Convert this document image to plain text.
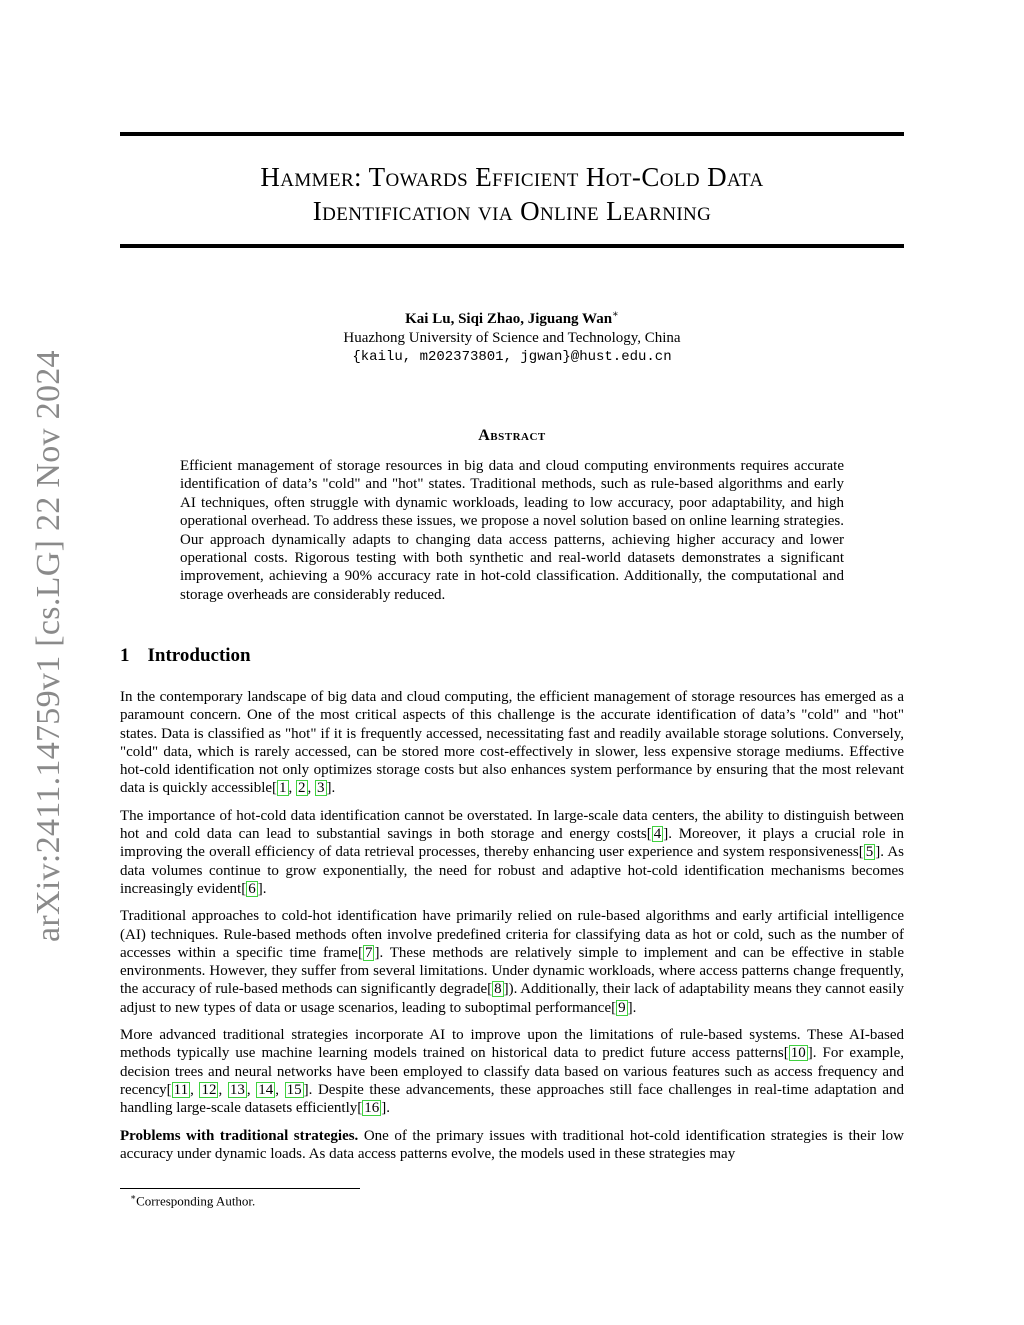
arXiv:2411.14759v1 [cs.LG] 22 Nov 2024
Hammer: Towards Efficient Hot-Cold Data
Identification via Online Learning
Kai Lu, Siqi Zhao, Jiguang Wan∗
Huazhong University of Science and Technology, China
{kailu, m202373801, jgwan}@hust.edu.cn
Abstract
Efficient management of storage resources in big data and cloud computing environments requires accurate identification of data’s "cold" and "hot" states. Traditional methods, such as rule-based algorithms and early AI techniques, often struggle with dynamic workloads, leading to low accuracy, poor adaptability, and high operational overhead. To address these issues, we propose a novel solution based on online learning strategies. Our approach dynamically adapts to changing data access patterns, achieving higher accuracy and lower operational costs. Rigorous testing with both synthetic and real-world datasets demonstrates a significant improvement, achieving a 90% accuracy rate in hot-cold classification. Additionally, the computational and storage overheads are considerably reduced.
1 Introduction

In the contemporary landscape of big data and cloud computing, the efficient management of storage resources has emerged as a paramount concern. One of the most critical aspects of this challenge is the accurate identification of data’s "cold" and "hot" states. Data is classified as "hot" if it is frequently accessed, necessitating fast and readily available storage solutions. Conversely, "cold" data, which is rarely accessed, can be stored more cost-effectively in slower, less expensive storage mediums. Effective hot-cold identification not only optimizes storage costs but also enhances system performance by ensuring that the most relevant data is quickly accessible[ 1 , 2 , 3 ].

The importance of hot-cold data identification cannot be overstated. In large-scale data centers, the ability to distinguish between hot and cold data can lead to substantial savings in both storage and energy costs[ 4 ]. Moreover, it plays a crucial role in improving the overall efficiency of data retrieval processes, thereby enhancing user experience and system responsiveness[ 5 ]. As data volumes continue to grow exponentially, the need for robust and adaptive hot-cold identification mechanisms becomes increasingly evident[ 6 ].

Traditional approaches to cold-hot identification have primarily relied on rule-based algorithms and early artificial intelligence (AI) techniques. Rule-based methods often involve predefined criteria for classifying data as hot or cold, such as the number of accesses within a specific time frame[ 7 ]. These methods are relatively simple to implement and can be effective in stable environments. However, they suffer from several limitations. Under dynamic workloads, where access patterns change frequently, the accuracy of rule-based methods can significantly degrade[ 8 ]). Additionally, their lack of adaptability means they cannot easily adjust to new types of data or usage scenarios, leading to suboptimal performance[ 9 ].

More advanced traditional strategies incorporate AI to improve upon the limitations of rule-based systems. These AI-based methods typically use machine learning models trained on historical data to predict future access patterns[ 10 ]. For example, decision trees and neural networks have been employed to classify data based on various features such as access frequency and recency[ 11 , 12 , 13 , 14 , 15 ]. Despite these advancements, these approaches still face challenges in real-time adaptation and handling large-scale datasets efficiently[ 16 ].

Problems with traditional strategies. One of the primary issues with traditional hot-cold identification strategies is their low accuracy under dynamic loads. As data access patterns evolve, the models used in these strategies may

∗Corresponding Author.
